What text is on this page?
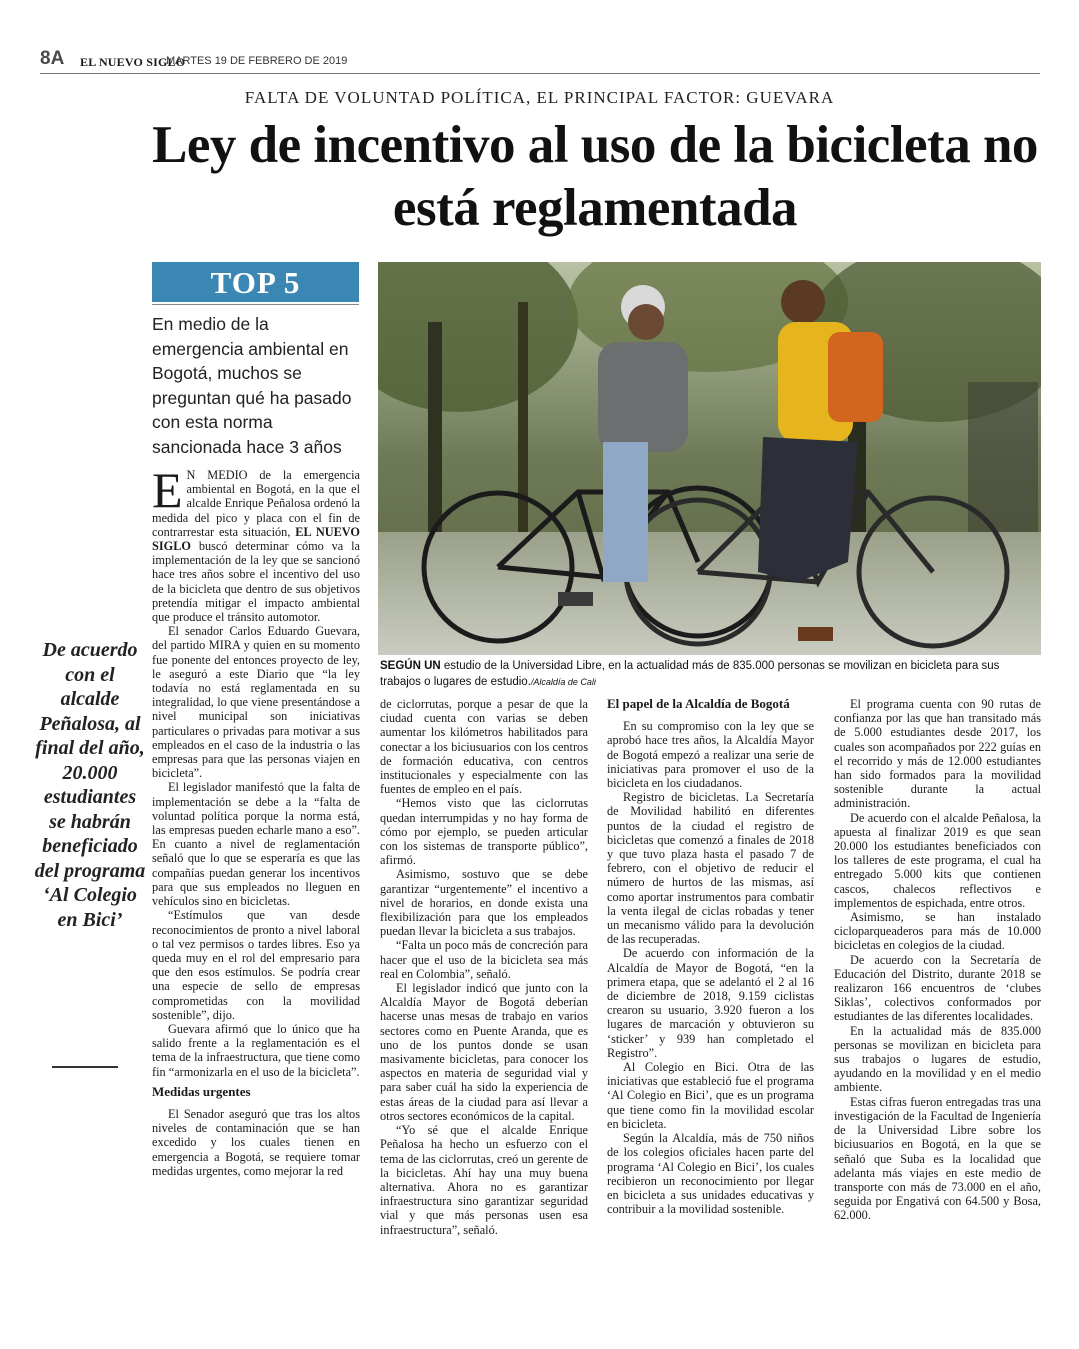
8A EL NUEVO SIGLO
MARTES 19 DE FEBRERO DE 2019
FALTA DE VOLUNTAD POLÍTICA, EL PRINCIPAL FACTOR: GUEVARA
Ley de incentivo al uso de la bicicleta no está reglamentada
TOP 5
En medio de la emergencia ambiental en Bogotá, muchos se preguntan qué ha pasado con esta norma sancionada hace 3 años
SEGÚN UN estudio de la Universidad Libre, en la actualidad más de 835.000 personas se movilizan en bicicleta para sus trabajos o lugares de estudio./Alcaldía de Cali
De acuerdo con el alcalde Peñalosa, al final del año, 20.000 estudiantes se habrán beneficiado del programa ‘Al Colegio en Bici’

E N MEDIO de la emergencia ambiental en Bogotá, en la que el alcalde Enrique Peñalosa ordenó la medida del pico y placa con el fin de contrarrestar esta situación, EL NUEVO SIGLO buscó determinar cómo va la implementación de la ley que se sancionó hace tres años sobre el incentivo del uso de la bicicleta que dentro de sus objetivos pretendía mitigar el impacto ambiental que produce el tránsito automotor.

El senador Carlos Eduardo Guevara, del partido MIRA y quien en su momento fue ponente del entonces proyecto de ley, le aseguró a este Diario que “la ley todavía no está reglamentada en su integralidad, lo que viene presentándose a nivel municipal son iniciativas particulares o privadas para motivar a sus empleados en el caso de la industria o las empresas para que las personas viajen en bicicleta”.

El legislador manifestó que la falta de implementación se debe a la “falta de voluntad política porque la norma está, las empresas pueden echarle mano a eso”. En cuanto a nivel de reglamentación señaló que lo que se esperaría es que las compañías puedan generar los incentivos para que sus empleados no lleguen en vehículos sino en bicicletas.

“Estímulos que van desde reconocimientos de pronto a nivel laboral o tal vez permisos o tardes libres. Eso ya queda muy en el rol del empresario para que den esos estímulos. Se podría crear una especie de sello de empresas comprometidas con la movilidad sostenible”, dijo.

Guevara afirmó que lo único que ha salido frente a la reglamentación es el tema de la infraestructura, que tiene como fin “armonizarla en el uso de la bicicleta”.

Medidas urgentes

El Senador aseguró que tras los altos niveles de contaminación que se han excedido y los cuales tienen en emergencia a Bogotá, se requiere tomar medidas urgentes, como mejorar la red

de ciclorrutas, porque a pesar de que la ciudad cuenta con varias se deben aumentar los kilómetros habilitados para conectar a los biciusuarios con los centros de formación educativa, con centros institucionales y especialmente con las fuentes de empleo en el país.

“Hemos visto que las ciclorrutas quedan interrumpidas y no hay forma de cómo por ejemplo, se pueden articular con los sistemas de transporte público”, afirmó.

Asimismo, sostuvo que se debe garantizar “urgentemente” el incentivo a nivel de horarios, en donde exista una flexibilización para que los empleados puedan llevar la bicicleta a sus trabajos.

“Falta un poco más de concreción para hacer que el uso de la bicicleta sea más real en Colombia”, señaló.

El legislador indicó que junto con la Alcaldía Mayor de Bogotá deberían hacerse unas mesas de trabajo en varios sectores como en Puente Aranda, que es uno de los puntos donde se usan masivamente bicicletas, para conocer los aspectos en materia de seguridad vial y para saber cuál ha sido la experiencia de estas áreas de la ciudad para así llevar a otros sectores económicos de la capital.

“Yo sé que el alcalde Enrique Peñalosa ha hecho un esfuerzo con el tema de las ciclorrutas, creó un gerente de la bicicletas. Ahí hay una muy buena alternativa. Ahora no es garantizar infraestructura sino garantizar seguridad vial y que más personas usen esa infraestructura”, señaló.

El papel de la Alcaldía de Bogotá

En su compromiso con la ley que se aprobó hace tres años, la Alcaldía Mayor de Bogotá empezó a realizar una serie de iniciativas para promover el uso de la bicicleta en los ciudadanos.

Registro de bicicletas. La Secretaría de Movilidad habilitó en diferentes puntos de la ciudad el registro de bicicletas que comenzó a finales de 2018 y que tuvo plaza hasta el pasado 7 de febrero, con el objetivo de reducir el número de hurtos de las mismas, así como aportar instrumentos para combatir la venta ilegal de ciclas robadas y tener un mecanismo válido para la devolución de las recuperadas.

De acuerdo con información de la Alcaldía de Mayor de Bogotá, “en la primera etapa, que se adelantó el 2 al 16 de diciembre de 2018, 9.159 ciclistas crearon su usuario, 3.920 fueron a los lugares de marcación y obtuvieron su ‘sticker’ y 939 han completado el Registro”.

Al Colegio en Bici. Otra de las iniciativas que estableció fue el programa ‘Al Colegio en Bici’, que es un programa que tiene como fin la movilidad escolar en bicicleta.

Según la Alcaldía, más de 750 niños de los colegios oficiales hacen parte del programa ‘Al Colegio en Bici’, los cuales recibieron un reconocimiento por llegar en bicicleta a sus unidades educativas y contribuir a la movilidad sostenible.

El programa cuenta con 90 rutas de confianza por las que han transitado más de 5.000 estudiantes desde 2017, los cuales son acompañados por 222 guías en el recorrido y más de 12.000 estudiantes han sido formados para la movilidad sostenible durante la actual administración.

De acuerdo con el alcalde Peñalosa, la apuesta al finalizar 2019 es que sean 20.000 los estudiantes beneficiados con los talleres de este programa, el cual ha entregado 5.000 kits que contienen cascos, chalecos reflectivos e implementos de espichada, entre otros.

Asimismo, se han instalado cicloparqueaderos para más de 10.000 bicicletas en colegios de la ciudad.

De acuerdo con la Secretaría de Educación del Distrito, durante 2018 se realizaron 166 encuentros de ‘clubes Siklas’, colectivos conformados por estudiantes de las diferentes localidades.

En la actualidad más de 835.000 personas se movilizan en bicicleta para sus trabajos o lugares de estudio, ayudando en la movilidad y en el medio ambiente.

Estas cifras fueron entregadas tras una investigación de la Facultad de Ingeniería de la Universidad Libre sobre los biciusuarios en Bogotá, en la que se señaló que Suba es la localidad que adelanta más viajes en este medio de transporte con más de 73.000 en el año, seguida por Engativá con 64.500 y Bosa, 62.000.
